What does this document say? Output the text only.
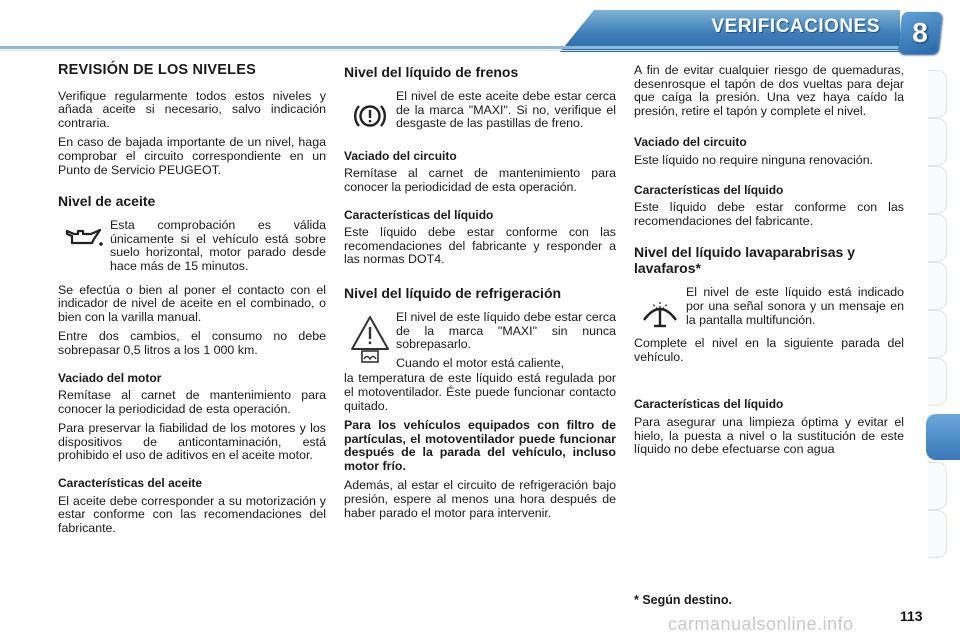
VERIFICACIONES	8
REVISIÓN DE LOS NIVELES

Verifique regularmente todos estos niveles y añada aceite si necesario, salvo indicación contraria.

En caso de bajada importante de un nivel, haga comprobar el circuito correspondiente en un Punto de Servicio PEUGEOT.

Nivel de aceite

Esta comprobación es válida únicamente si el vehículo está sobre suelo horizontal, motor parado desde hace más de 15 minutos.

Se efectúa o bien al poner el contacto con el indicador de nivel de aceite en el combinado, o bien con la varilla manual.

Entre dos cambios, el consumo no debe sobrepasar 0,5 litros a los 1 000 km.

Vaciado del motor

Remítase al carnet de mantenimiento para conocer la periodicidad de esta operación.

Para preservar la fiabilidad de los motores y los dispositivos de anticontaminación, está prohibido el uso de aditivos en el aceite motor.

Características del aceite

El aceite debe corresponder a su motorización y estar conforme con las recomendaciones del fabricante.

Nivel del líquido de frenos

El nivel de este aceite debe estar cerca de la marca "MAXI". Si no, verifique el desgaste de las pastillas de freno.

Vaciado del circuito

Remítase al carnet de mantenimiento para conocer la periodicidad de esta operación.

Características del líquido

Este líquido debe estar conforme con las recomendaciones del fabricante y responder a las normas DOT4.

Nivel del líquido de refrigeración

El nivel de este líquido debe estar cerca de la marca "MAXI" sin nunca sobrepasarlo.

Cuando el motor está caliente,

la temperatura de este líquido está regulada por el motoventilador. Éste puede funcionar contacto quitado.

Para los vehículos equipados con filtro de partículas, el motoventilador puede funcionar después de la parada del vehículo, incluso motor frío.

Además, al estar el circuito de refrigeración bajo presión, espere al menos una hora después de haber parado el motor para intervenir.

A fin de evitar cualquier riesgo de quemaduras, desenrosque el tapón de dos vueltas para dejar que caíga la presión. Una vez haya caído la presión, retire el tapón y complete el nivel.

Vaciado del circuito

Este líquido no require ninguna renovación.

Características del líquido

Este líquido debe estar conforme con las recomendaciones del fabricante.

Nivel del líquido lavaparabrisas y lavafaros*

El nivel de este líquido está indicado por una señal sonora y un mensaje en la pantalla multifunción.

Complete el nivel en la siguiente parada del vehículo.

Características del líquido

Para asegurar una limpieza óptima y evitar el hielo, la puesta a nivel o la sustitución de este líquido no debe efectuarse con agua

* Según destino.
carmanualsonline.info	113
